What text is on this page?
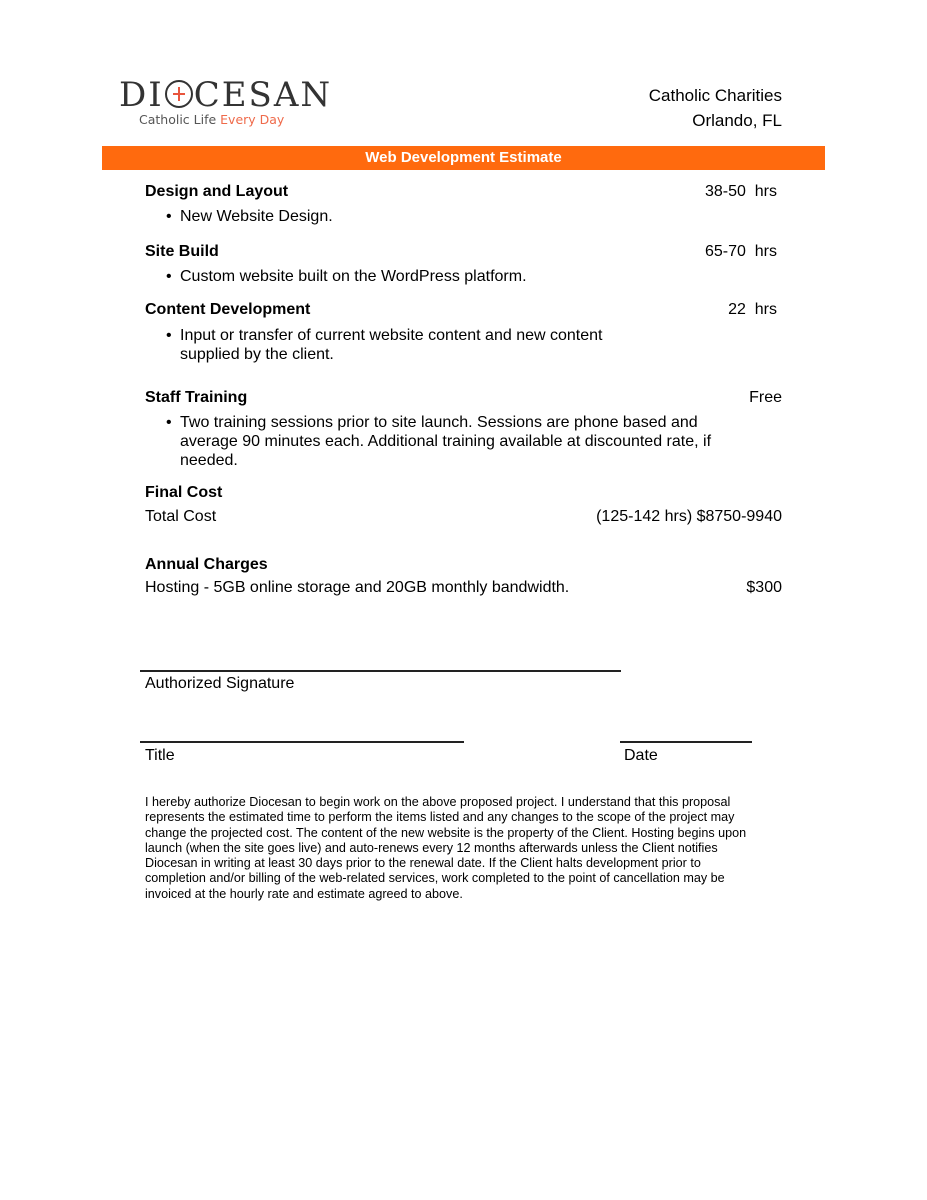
DI CESAN
Catholic Life Every Day
Catholic Charities
Orlando, FL
Web Development Estimate
Design and Layout	38-50  hrs
• New Website Design.
Site Build	65-70  hrs
• Custom website built on the WordPress platform.
Content Development	22  hrs
• Input or transfer of current website content and new content
supplied by the client.
Staff Training	Free
• Two training sessions prior to site launch. Sessions are phone based and
average 90 minutes each. Additional training available at discounted rate, if
needed.
Final Cost
Total Cost	(125-142 hrs) $8750-9940
Annual Charges
Hosting - 5GB online storage and 20GB monthly bandwidth.	$300
Authorized Signature
Title	Date
I hereby authorize Diocesan to begin work on the above proposed project. I understand that this proposal
represents the estimated time to perform the items listed and any changes to the scope of the project may
change the projected cost. The content of the new website is the property of the Client. Hosting begins upon
launch (when the site goes live) and auto-renews every 12 months afterwards unless the Client notifies
Diocesan in writing at least 30 days prior to the renewal date. If the Client halts development prior to
completion and/or billing of the web-related services, work completed to the point of cancellation may be
invoiced at the hourly rate and estimate agreed to above.
